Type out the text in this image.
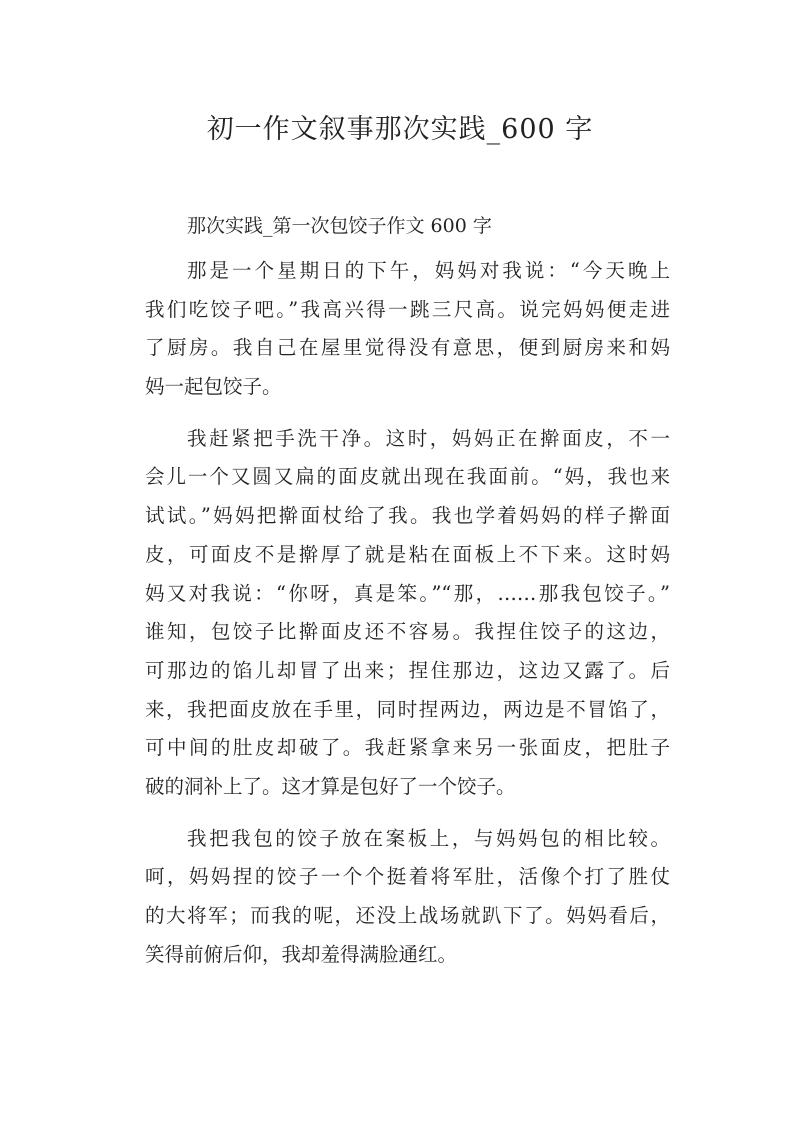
初一作文叙事那次实践_600 字

那次实践_第一次包饺子作文 600 字

那是一个星期日的下午，妈妈对我说：“今天晚上
我们吃饺子吧。”我高兴得一跳三尺高。说完妈妈便走进
了厨房。我自己在屋里觉得没有意思，便到厨房来和妈
妈一起包饺子。
我赶紧把手洗干净。这时，妈妈正在擀面皮，不一
会儿一个又圆又扁的面皮就出现在我面前。“妈，我也来
试试。”妈妈把擀面杖给了我。我也学着妈妈的样子擀面
皮，可面皮不是擀厚了就是粘在面板上不下来。这时妈
妈又对我说：“你呀，真是笨。”“那，……那我包饺子。”
谁知，包饺子比擀面皮还不容易。我捏住饺子的这边，
可那边的馅儿却冒了出来；捏住那边，这边又露了。后
来，我把面皮放在手里，同时捏两边，两边是不冒馅了，
可中间的肚皮却破了。我赶紧拿来另一张面皮，把肚子
破的洞补上了。这才算是包好了一个饺子。
我把我包的饺子放在案板上，与妈妈包的相比较。
呵，妈妈捏的饺子一个个挺着将军肚，活像个打了胜仗
的大将军；而我的呢，还没上战场就趴下了。妈妈看后，
笑得前俯后仰，我却羞得满脸通红。
